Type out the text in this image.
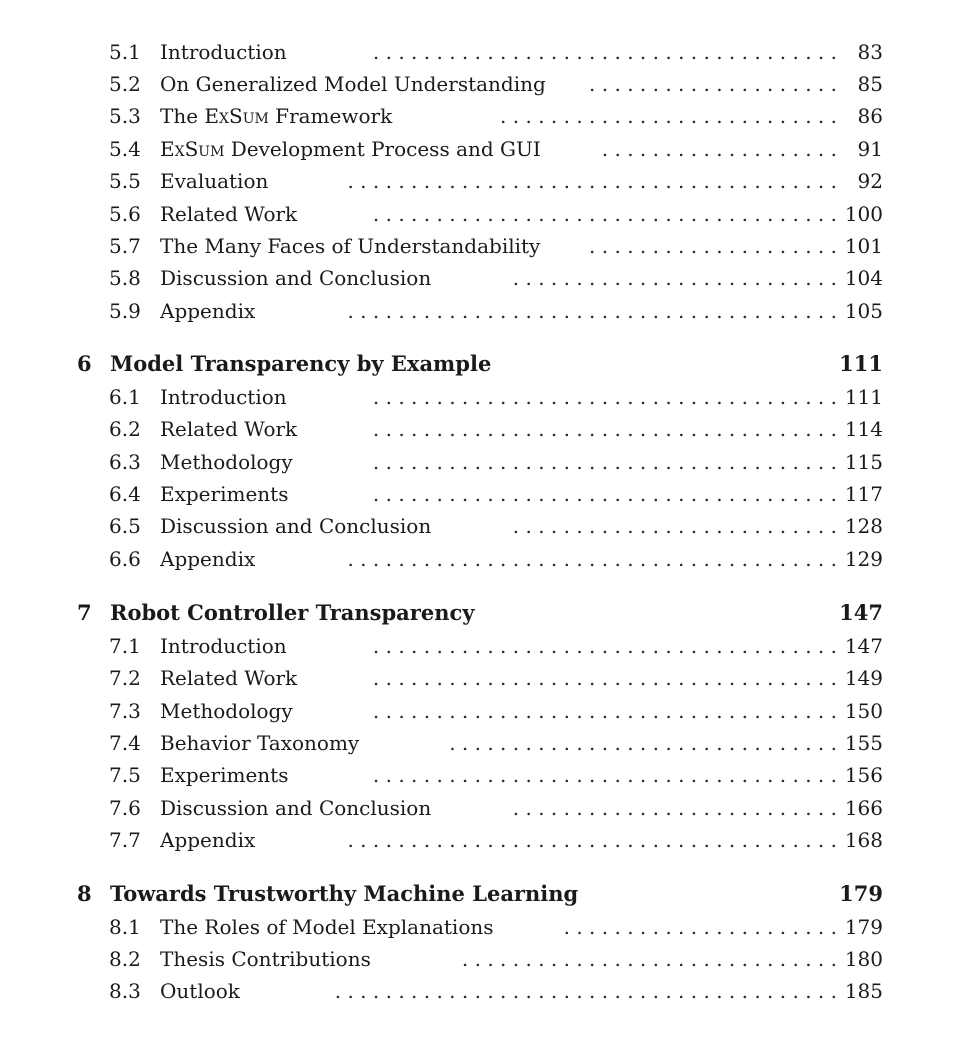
5.1 Introduction	. . . . . . . . . . . . . . . . . . . . . . . . . . . . . . . . . . . . . 83
5.2 On Generalized Model Understanding	. . . . . . . . . . . . . . . . . . . . 85
5.3 The ExSum Framework	. . . . . . . . . . . . . . . . . . . . . . . . . . . 86
5.4 ExSum Development Process and GUI	. . . . . . . . . . . . . . . . . . . 91
5.5 Evaluation	. . . . . . . . . . . . . . . . . . . . . . . . . . . . . . . . . . . . . . . 92
5.6 Related Work	. . . . . . . . . . . . . . . . . . . . . . . . . . . . . . . . . . . . . 100
5.7 The Many Faces of Understandability	. . . . . . . . . . . . . . . . . . . . 101
5.8 Discussion and Conclusion	. . . . . . . . . . . . . . . . . . . . . . . . . . 104
5.9 Appendix	. . . . . . . . . . . . . . . . . . . . . . . . . . . . . . . . . . . . . . . 105
6 Model Transparency by Example	111
6.1 Introduction	. . . . . . . . . . . . . . . . . . . . . . . . . . . . . . . . . . . . . 111
6.2 Related Work	. . . . . . . . . . . . . . . . . . . . . . . . . . . . . . . . . . . . . 114
6.3 Methodology	. . . . . . . . . . . . . . . . . . . . . . . . . . . . . . . . . . . . . 115
6.4 Experiments	. . . . . . . . . . . . . . . . . . . . . . . . . . . . . . . . . . . . . 117
6.5 Discussion and Conclusion	. . . . . . . . . . . . . . . . . . . . . . . . . . 128
6.6 Appendix	. . . . . . . . . . . . . . . . . . . . . . . . . . . . . . . . . . . . . . . 129
7 Robot Controller Transparency	147
7.1 Introduction	. . . . . . . . . . . . . . . . . . . . . . . . . . . . . . . . . . . . . 147
7.2 Related Work	. . . . . . . . . . . . . . . . . . . . . . . . . . . . . . . . . . . . . 149
7.3 Methodology	. . . . . . . . . . . . . . . . . . . . . . . . . . . . . . . . . . . . . 150
7.4 Behavior Taxonomy	. . . . . . . . . . . . . . . . . . . . . . . . . . . . . . . 155
7.5 Experiments	. . . . . . . . . . . . . . . . . . . . . . . . . . . . . . . . . . . . . 156
7.6 Discussion and Conclusion	. . . . . . . . . . . . . . . . . . . . . . . . . . 166
7.7 Appendix	. . . . . . . . . . . . . . . . . . . . . . . . . . . . . . . . . . . . . . . 168
8 Towards Trustworthy Machine Learning	179
8.1 The Roles of Model Explanations	. . . . . . . . . . . . . . . . . . . . . . 179
8.2 Thesis Contributions	. . . . . . . . . . . . . . . . . . . . . . . . . . . . . . 180
8.3 Outlook	. . . . . . . . . . . . . . . . . . . . . . . . . . . . . . . . . . . . . . . . 185
